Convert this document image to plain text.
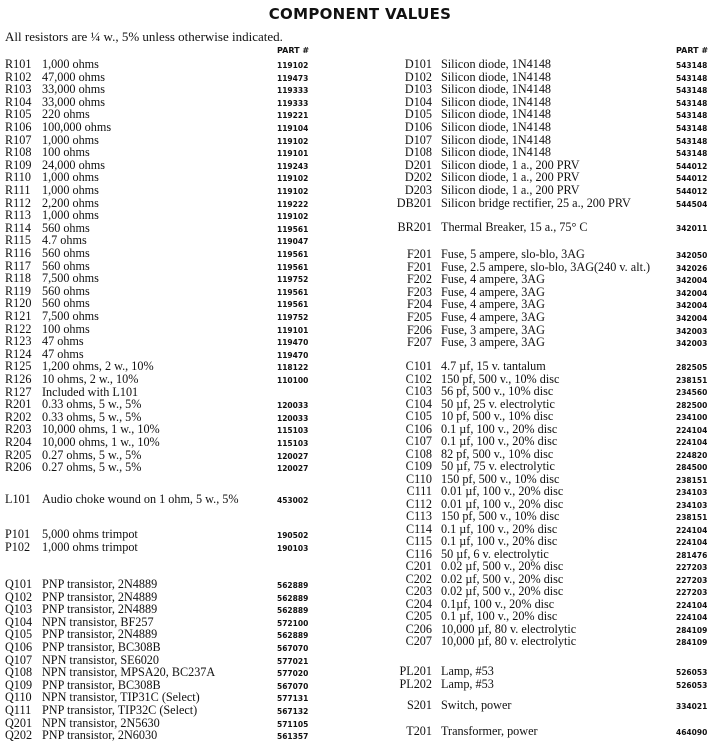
COMPONENT VALUES
All resistors are ¼ w., 5% unless otherwise indicated.
PART #	PART #
R101 1,000 ohms	119102
R102 47,000 ohms	119473
R103 33,000 ohms	119333
R104 33,000 ohms	119333
R105 220 ohms	119221
R106 100,000 ohms	119104
R107 1,000 ohms	119102
R108 100 ohms	119101
R109 24,000 ohms	119243
R110 1,000 ohms	119102
R111 1,000 ohms	119102
R112 2,200 ohms	119222
R113 1,000 ohms	119102
R114 560 ohms	119561
R115 4.7 ohms	119047
R116 560 ohms	119561
R117 560 ohms	119561
R118 7,500 ohms	119752
R119 560 ohms	119561
R120 560 ohms	119561
R121 7,500 ohms	119752
R122 100 ohms	119101
R123 47 ohms	119470
R124 47 ohms	119470
R125 1,200 ohms, 2 w., 10%	118122
R126 10 ohms, 2 w., 10%	110100
R127 Included with L101
R201 0.33 ohms, 5 w., 5%	120033
R202 0.33 ohms, 5 w., 5%	120033
R203 10,000 ohms, 1 w., 10%	115103
R204 10,000 ohms, 1 w., 10%	115103
R205 0.27 ohms, 5 w., 5%	120027
R206 0.27 ohms, 5 w., 5%	120027
L101 Audio choke wound on 1 ohm, 5 w., 5%	453002
P101 5,000 ohms trimpot	190502
P102 1,000 ohms trimpot	190103
Q101 PNP transistor, 2N4889	562889
Q102 PNP transistor, 2N4889	562889
Q103 PNP transistor, 2N4889	562889
Q104 NPN transistor, BF257	572100
Q105 PNP transistor, 2N4889	562889
Q106 PNP transistor, BC308B	567070
Q107 NPN transistor, SE6020	577021
Q108 NPN transistor, MPSA20, BC237A	577020
Q109 PNP transistor, BC308B	567070
Q110 NPN transistor, TIP31C (Select)	577131
Q111 PNP transistor, TIP32C (Select)	567132
Q201 NPN transistor, 2N5630	571105
Q202 PNP transistor, 2N6030	561357
D101 Silicon diode, 1N4148	543148
D102 Silicon diode, 1N4148	543148
D103 Silicon diode, 1N4148	543148
D104 Silicon diode, 1N4148	543148
D105 Silicon diode, 1N4148	543148
D106 Silicon diode, 1N4148	543148
D107 Silicon diode, 1N4148	543148
D108 Silicon diode, 1N4148	543148
D201 Silicon diode, 1 a., 200 PRV	544012
D202 Silicon diode, 1 a., 200 PRV	544012
D203 Silicon diode, 1 a., 200 PRV	544012
DB201 Silicon bridge rectifier, 25 a., 200 PRV	544504
BR201 Thermal Breaker, 15 a., 75° C	342011
F201 Fuse, 5 ampere, slo-blo, 3AG	342050
F201 Fuse, 2.5 ampere, slo-blo, 3AG(240 v. alt.)	342026
F202 Fuse, 4 ampere, 3AG	342004
F203 Fuse, 4 ampere, 3AG	342004
F204 Fuse, 4 ampere, 3AG	342004
F205 Fuse, 4 ampere, 3AG	342004
F206 Fuse, 3 ampere, 3AG	342003
F207 Fuse, 3 ampere, 3AG	342003
C101 4.7 µf, 15 v. tantalum	282505
C102 150 pf, 500 v., 10% disc	238151
C103 56 pf, 500 v., 10% disc	234560
C104 50 µf, 25 v. electrolytic	282500
C105 10 pf, 500 v., 10% disc	234100
C106 0.1 µf, 100 v., 20% disc	224104
C107 0.1 µf, 100 v., 20% disc	224104
C108 82 pf, 500 v., 10% disc	224820
C109 50 µf, 75 v. electrolytic	284500
C110 150 pf, 500 v., 10% disc	238151
C111 0.01 µf, 100 v., 20% disc	234103
C112 0.01 µf, 100 v., 20% disc	234103
C113 150 pf, 500 v., 10% disc	238151
C114 0.1 µf, 100 v., 20% disc	224104
C115 0.1 µf, 100 v., 20% disc	224104
C116 50 µf, 6 v. electrolytic	281476
C201 0.02 µf, 500 v., 20% disc	227203
C202 0.02 µf, 500 v., 20% disc	227203
C203 0.02 µf, 500 v., 20% disc	227203
C204 0.1µf, 100 v., 20% disc	224104
C205 0.1 µf, 100 v., 20% disc	224104
C206 10,000 µf, 80 v. electrolytic	284109
C207 10,000 µf, 80 v. electrolytic	284109
PL201 Lamp, #53	526053
PL202 Lamp, #53	526053
S201 Switch, power	334021
T201 Transformer, power	464090
